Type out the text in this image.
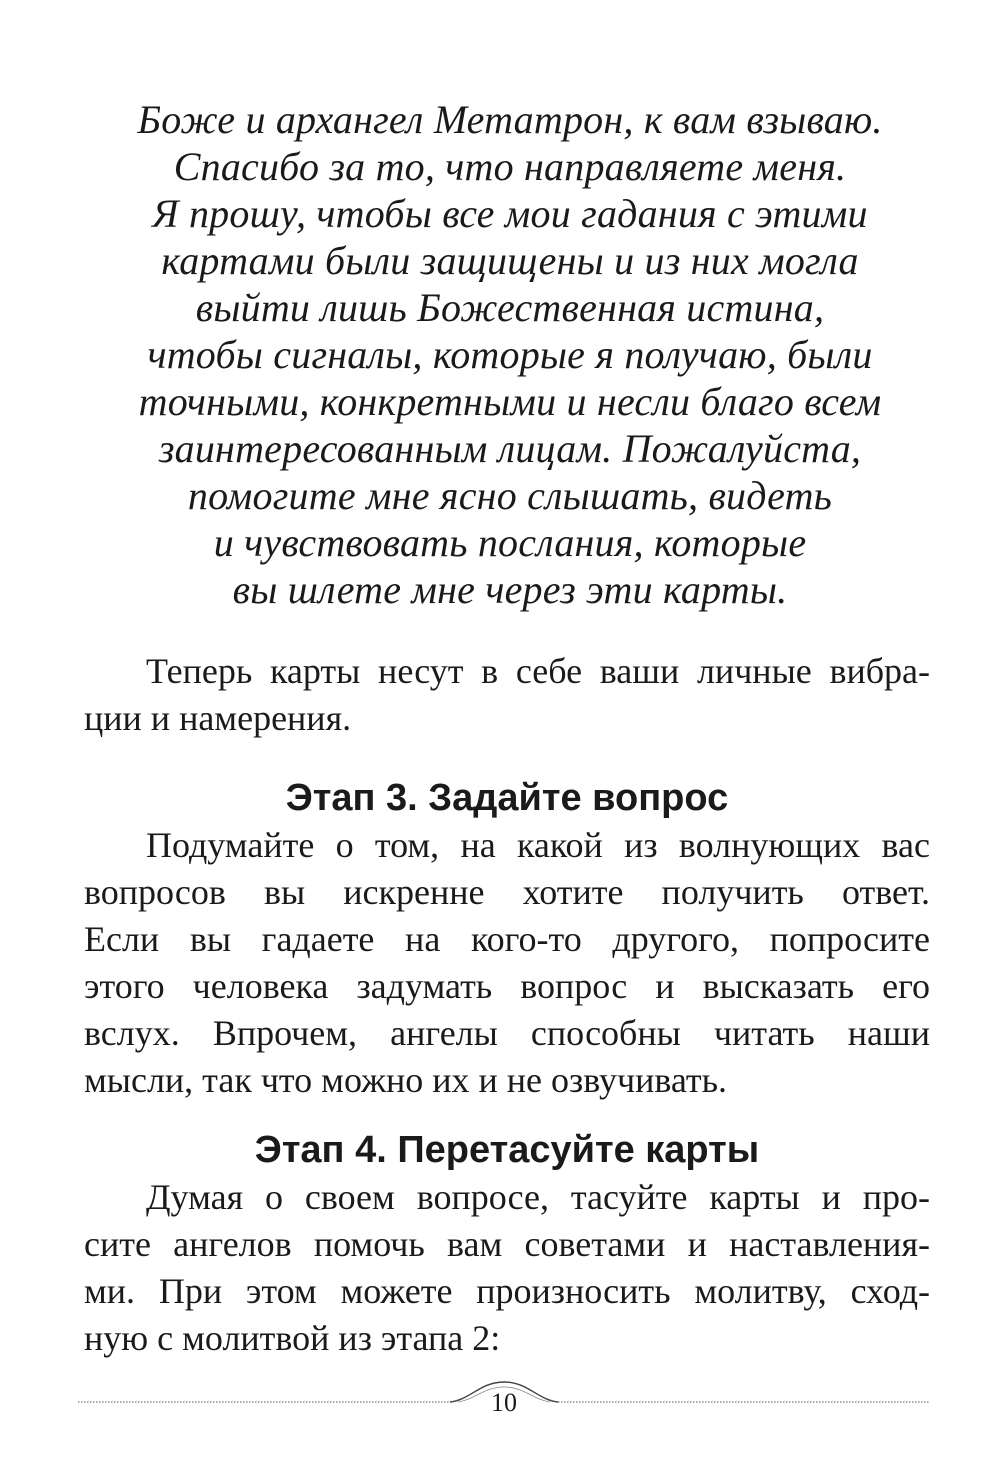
Боже и архангел Метатрон, к вам взываю.
Спасибо за то, что направляете меня.
Я прошу, чтобы все мои гадания с этими
картами были защищены и из них могла
выйти лишь Божественная истина,
чтобы сигналы, которые я получаю, были
точными, конкретными и несли благо всем
заинтересованным лицам. Пожалуйста,
помогите мне ясно слышать, видеть
и чувствовать послания, которые
вы шлете мне через эти карты.
Теперь карты несут в себе ваши личные вибра-
ции и намерения.
Этап 3. Задайте вопрос
Подумайте о том, на какой из волнующих вас
вопросов вы искренне хотите получить ответ.
Если вы гадаете на кого-то другого, попросите
этого человека задумать вопрос и высказать его
вслух. Впрочем, ангелы способны читать наши
мысли, так что можно их и не озвучивать.
Этап 4. Перетасуйте карты
Думая о своем вопросе, тасуйте карты и про-
сите ангелов помочь вам советами и наставления-
ми. При этом можете произносить молитву, сход-
ную с молитвой из этапа 2:
10
